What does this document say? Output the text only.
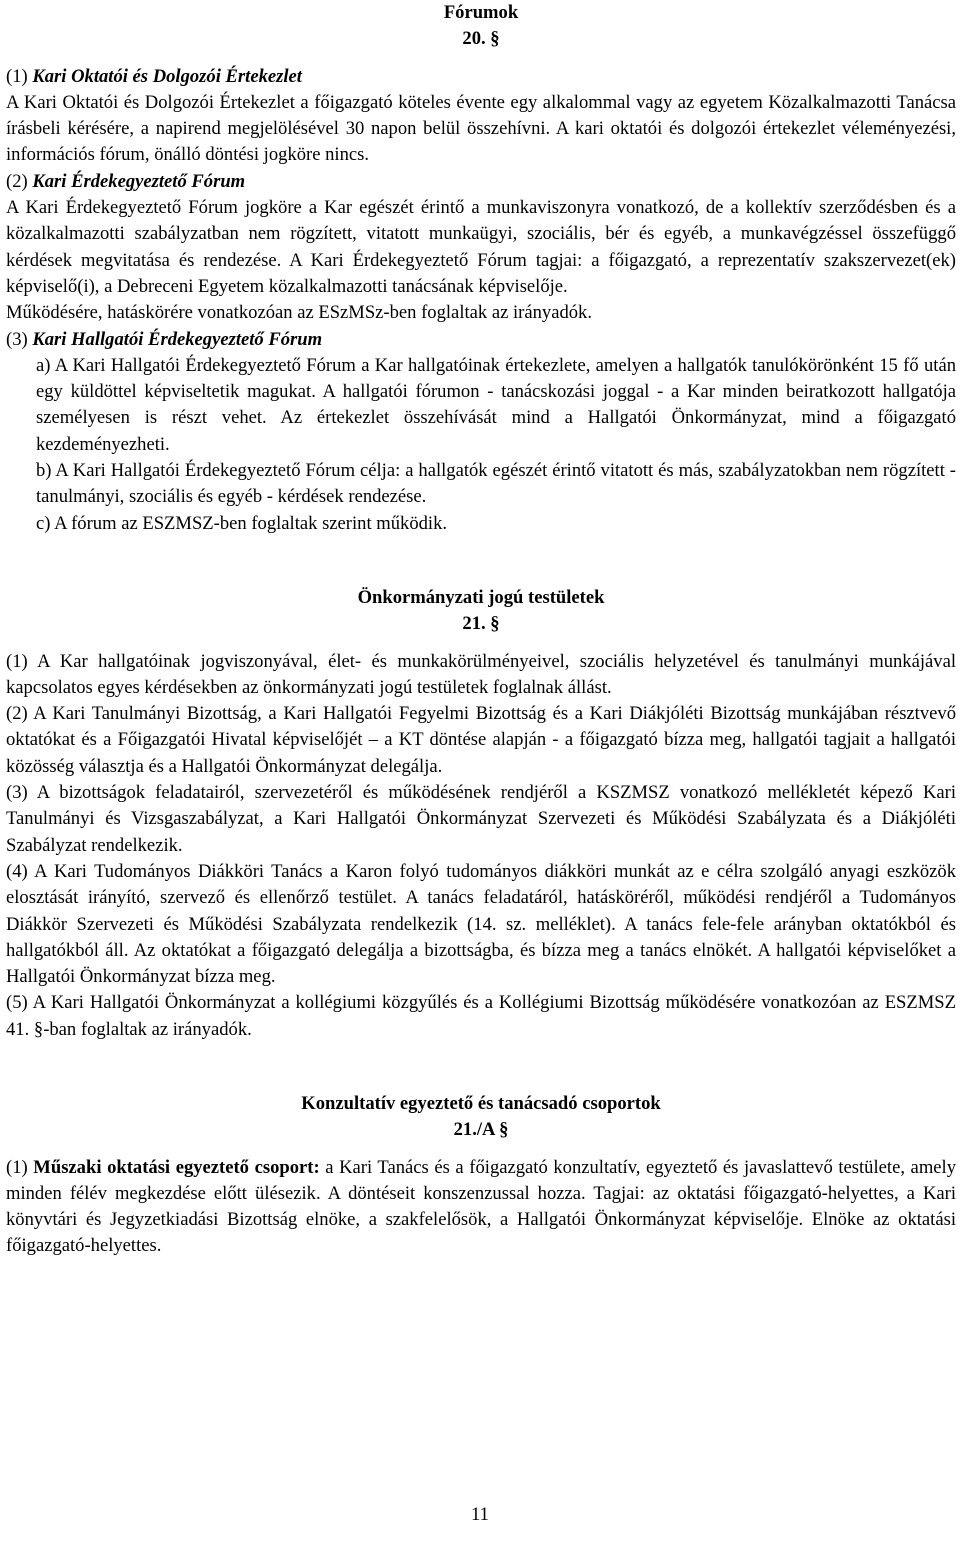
Fórumok

20. §

(1) Kari Oktatói és Dolgozói Értekezlet
A Kari Oktatói és Dolgozói Értekezlet a főigazgató köteles évente egy alkalommal vagy az egyetem Közalkalmazotti Tanácsa írásbeli kérésére, a napirend megjelölésével 30 napon belül összehívni. A kari oktatói és dolgozói értekezlet véleményezési, információs fórum, önálló döntési jogköre nincs.

(2) Kari Érdekegyeztető Fórum
A Kari Érdekegyeztető Fórum jogköre a Kar egészét érintő a munkaviszonyra vonatkozó, de a kollektív szerződésben és a közalkalmazotti szabályzatban nem rögzített, vitatott munkaügyi, szociális, bér és egyéb, a munkavégzéssel összefüggő kérdések megvitatása és rendezése. A Kari Érdekegyeztető Fórum tagjai: a főigazgató, a reprezentatív szakszervezet(ek) képviselő(i), a Debreceni Egyetem közalkalmazotti tanácsának képviselője.
Működésére, hatáskörére vonatkozóan az ESzMSz-ben foglaltak az irányadók.

(3) Kari Hallgatói Érdekegyeztető Fórum

a) A Kari Hallgatói Érdekegyeztető Fórum a Kar hallgatóinak értekezlete, amelyen a hallgatók tanulókörönként 15 fő után egy küldöttel képviseltetik magukat. A hallgatói fórumon - tanácskozási joggal - a Kar minden beiratkozott hallgatója személyesen is részt vehet. Az értekezlet összehívását mind a Hallgatói Önkormányzat, mind a főigazgató kezdeményezheti.

b) A Kari Hallgatói Érdekegyeztető Fórum célja: a hallgatók egészét érintő vitatott és más, szabályzatokban nem rögzített - tanulmányi, szociális és egyéb - kérdések rendezése.

c) A fórum az ESZMSZ-ben foglaltak szerint működik.

Önkormányzati jogú testületek

21. §

(1) A Kar hallgatóinak jogviszonyával, élet- és munkakörülményeivel, szociális helyzetével és tanulmányi munkájával kapcsolatos egyes kérdésekben az önkormányzati jogú testületek foglalnak állást.

(2) A Kari Tanulmányi Bizottság, a Kari Hallgatói Fegyelmi Bizottság és a Kari Diákjóléti Bizottság munkájában résztvevő oktatókat és a Főigazgatói Hivatal képviselőjét – a KT döntése alapján - a főigazgató bízza meg, hallgatói tagjait a hallgatói közösség választja és a Hallgatói Önkormányzat delegálja.

(3) A bizottságok feladatairól, szervezetéről és működésének rendjéről a KSZMSZ vonatkozó mellékletét képező Kari Tanulmányi és Vizsgaszabályzat, a Kari Hallgatói Önkormányzat Szervezeti és Működési Szabályzata és a Diákjóléti Szabályzat rendelkezik.

(4) A Kari Tudományos Diákköri Tanács a Karon folyó tudományos diákköri munkát az e célra szolgáló anyagi eszközök elosztását irányító, szervező és ellenőrző testület. A tanács feladatáról, hatásköréről, működési rendjéről a Tudományos Diákkör Szervezeti és Működési Szabályzata rendelkezik (14. sz. melléklet). A tanács fele-fele arányban oktatókból és hallgatókból áll. Az oktatókat a főigazgató delegálja a bizottságba, és bízza meg a tanács elnökét. A hallgatói képviselőket a Hallgatói Önkormányzat bízza meg.

(5) A Kari Hallgatói Önkormányzat a kollégiumi közgyűlés és a Kollégiumi Bizottság működésére vonatkozóan az ESZMSZ 41. §-ban foglaltak az irányadók.

Konzultatív egyeztető és tanácsadó csoportok

21./A §

(1) Műszaki oktatási egyeztető csoport: a Kari Tanács és a főigazgató konzultatív, egyeztető és javaslattevő testülete, amely minden félév megkezdése előtt ülésezik. A döntéseit konszenzussal hozza. Tagjai: az oktatási főigazgató-helyettes, a Kari könyvtári és Jegyzetkiadási Bizottság elnöke, a szakfelelősök, a Hallgatói Önkormányzat képviselője. Elnöke az oktatási főigazgató-helyettes.

11
